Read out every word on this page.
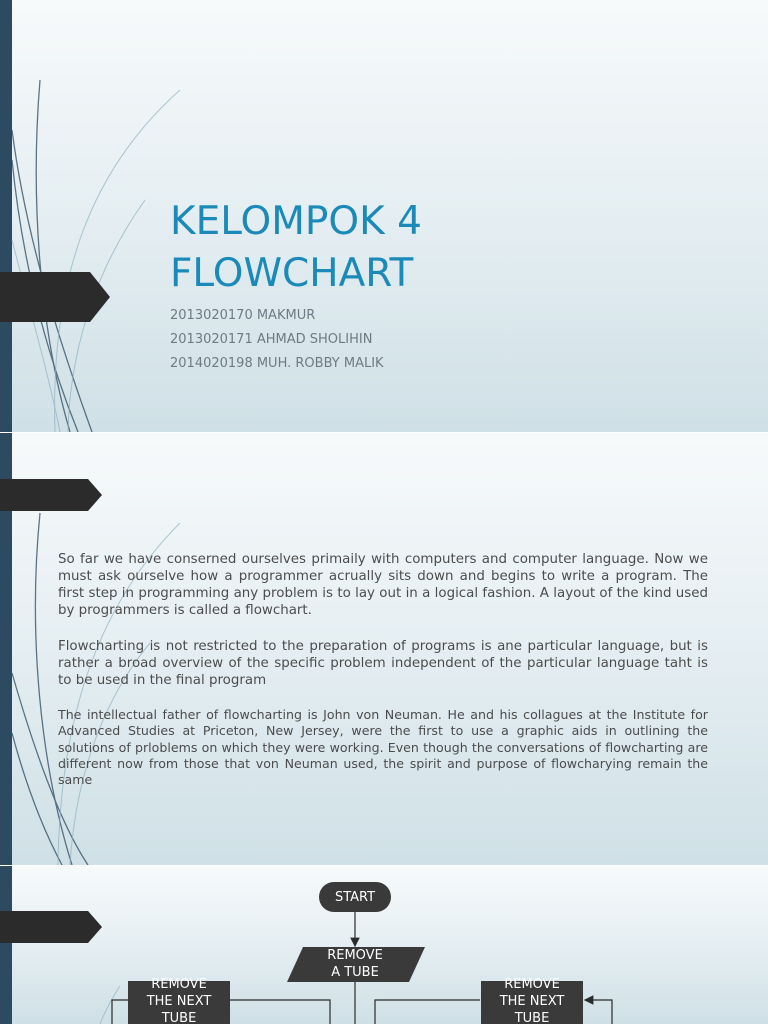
KELOMPOK 4
FLOWCHART
2013020170 MAKMUR
2013020171 AHMAD SHOLIHIN
2014020198 MUH. ROBBY MALIK

So far we have conserned ourselves primaily with computers and computer language. Now we must ask ourselve how a programmer acrually sits down and begins to write a program. The first step in programming any problem is to lay out in a logical fashion. A layout of the kind used by programmers is called a flowchart.

Flowcharting is not restricted to the preparation of programs is ane particular language, but is rather a broad overview of the specific problem independent of the particular language taht is to be used in the final program

The intellectual father of flowcharting is John von Neuman. He and his collagues at the Institute for Advanced Studies at Priceton, New Jersey, were the first to use a graphic aids in outlining the solutions of prloblems on which they were working. Even though the conversations of flowcharting are different now from those that von Neuman used, the spirit and purpose of flowcharying remain the same

START
REMOVE
A TUBE
REMOVE
THE NEXT
TUBE
REMOVE
THE NEXT
TUBE
